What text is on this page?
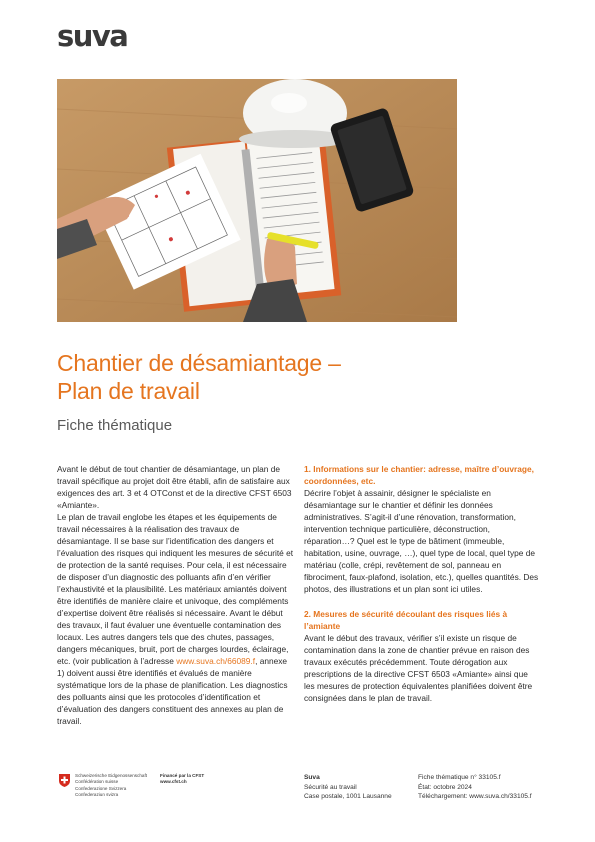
suva
Chantier de désamiantage –
Plan de travail
Fiche thématique

Avant le début de tout chantier de désamiantage, un plan de travail spécifique au projet doit être établi, afin de satisfaire aux exigences des art. 3 et 4 OTConst et de la directive CFST 6503 «Amiante».

Le plan de travail englobe les étapes et les équipements de travail nécessaires à la réalisation des travaux de désamiantage. Il se base sur l’identification des dangers et l’évaluation des risques qui indiquent les mesures de sécurité et de protection de la santé requises. Pour cela, il est nécessaire de disposer d’un diagnostic des polluants afin d’en vérifier l’exhaustivité et la plausibilité. Les matériaux amiantés doivent être identifiés de manière claire et univoque, des compléments d’expertise doivent être réalisés si nécessaire. Avant le début des travaux, il faut évaluer une éventuelle contamination des locaux. Les autres dangers tels que des chutes, passages, dangers mécaniques, bruit, port de charges lourdes, éclairage, etc. (voir publication à l’adresse www.suva.ch/66089.f, annexe 1) doivent aussi être identifiés et évalués de manière systématique lors de la phase de planification. Les diagnostics des polluants ainsi que les protocoles d’identification et d’évaluation des dangers constituent des annexes au plan de travail.

1. Informations sur le chantier: adresse, maître d’ouvrage, coordonnées, etc.

Décrire l’objet à assainir, désigner le spécialiste en désamiantage sur le chantier et définir les données administratives. S’agit-il d’une rénovation, transformation, intervention technique particulière, déconstruction, réparation…? Quel est le type de bâtiment (immeuble, habitation, usine, ouvrage, …), quel type de local, quel type de matériau (colle, crépi, revêtement de sol, panneau en fibrociment, faux-plafond, isolation, etc.), quelles quantités. Des photos, des illustrations et un plan sont ici utiles.

2. Mesures de sécurité découlant des risques liés à l’amiante

Avant le début des travaux, vérifier s’il existe un risque de contamination dans la zone de chantier prévue en raison des travaux exécutés précédemment. Toute dérogation aux prescriptions de la directive CFST 6503 «Amiante» ainsi que les mesures de protection équivalentes planifiées doivent être consignées dans le plan de travail.

Schweizerische Eidgenossenschaft
Confédération suisse
Confederazione Svizzera
Confederaziun svizra
Financé par la CFST
www.cfst.ch
Suva
Sécurité au travail
Case postale, 1001 Lausanne
Fiche thématique n° 33105.f
État: octobre 2024
Téléchargement: www.suva.ch/33105.f
